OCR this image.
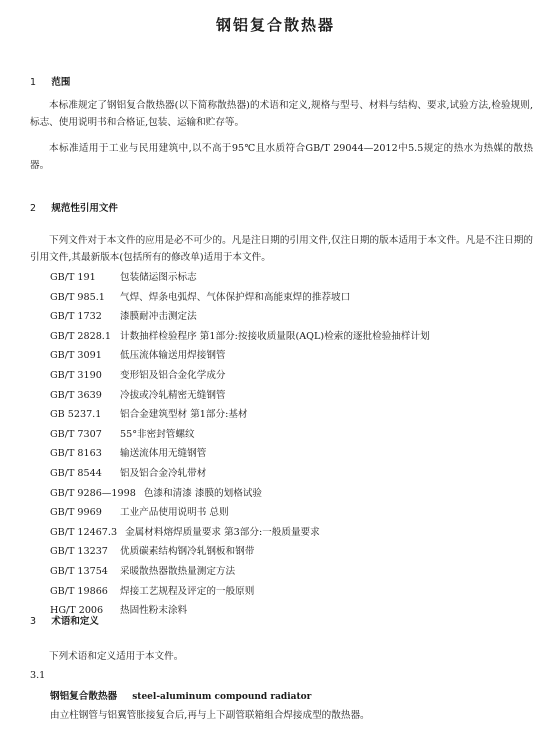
钢铝复合散热器
1 范围
本标准规定了钢铝复合散热器(以下简称散热器)的术语和定义,规格与型号、材料与结构、要求,试验方法,检验规则,标志、使用说明书和合格证,包装、运输和贮存等。
本标准适用于工业与民用建筑中,以不高于95℃且水质符合GB/T 29044—2012中5.5规定的热水为热媒的散热器。
2 规范性引用文件
下列文件对于本文件的应用是必不可少的。凡是注日期的引用文件,仅注日期的版本适用于本文件。凡是不注日期的引用文件,其最新版本(包括所有的修改单)适用于本文件。
GB/T 191	包装储运图示标志
GB/T 985.1 气焊、焊条电弧焊、气体保护焊和高能束焊的推荐坡口
GB/T 1732 漆膜耐冲击测定法
GB/T 2828.1 计数抽样检验程序 第1部分:按接收质量限(AQL)检索的逐批检验抽样计划
GB/T 3091 低压流体输送用焊接钢管
GB/T 3190 变形铝及铝合金化学成分
GB/T 3639 冷拔或冷轧精密无缝钢管
GB 5237.1 铝合金建筑型材 第1部分:基材
GB/T 7307 55°非密封管螺纹
GB/T 8163 输送流体用无缝钢管
GB/T 8544 铝及铝合金冷轧带材
GB/T 9286—1998 色漆和清漆 漆膜的划格试验
GB/T 9969 工业产品使用说明书 总则
GB/T 12467.3 金属材料熔焊质量要求 第3部分:一般质量要求
GB/T 13237 优质碳素结构钢冷轧钢板和钢带
GB/T 13754 采暖散热器散热量测定方法
GB/T 19866 焊接工艺规程及评定的一般原则
HG/T 2006 热固性粉末涂料
3 术语和定义
下列术语和定义适用于本文件。
3.1
钢铝复合散热器 steel-aluminum compound radiator
由立柱钢管与铝翼管胀接复合后,再与上下副管联箱组合焊接成型的散热器。
